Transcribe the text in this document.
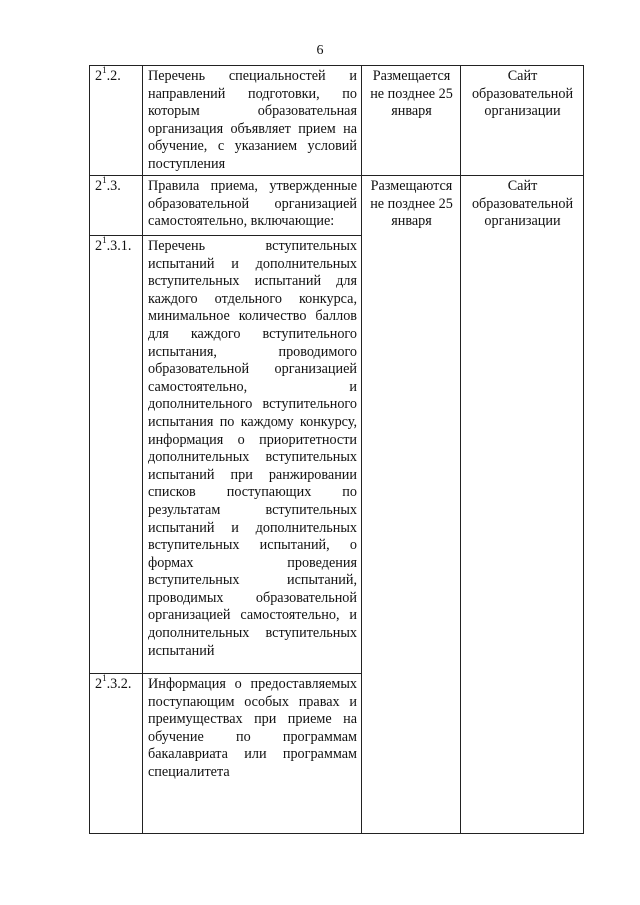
6
$2^1.2$.	Перечень специальностей и направлений подготовки, по которым образовательная организация объявляет прием на обучение, с указанием условий поступления	Размещается не позднее 25 января	Сайт образовательной организации
$2^1.3$.	Правила приема, утвержденные образовательной организацией самостоятельно, включающие:	Размещаются не позднее 25 января	Сайт образовательной организации
$2^1.3.1$.	Перечень вступительных испытаний и дополнительных вступительных испытаний для каждого отдельного конкурса, минимальное количество баллов для каждого вступительного испытания, проводимого образовательной организацией самостоятельно, и дополнительного вступительного испытания по каждому конкурсу, информация о приоритетности дополнительных вступительных испытаний при ранжировании списков поступающих по результатам вступительных испытаний и дополнительных вступительных испытаний, о формах проведения вступительных испытаний, проводимых образовательной организацией самостоятельно, и дополнительных вступительных испытаний		
$2^1.3.2$.	Информация о предоставляемых поступающим особых правах и преимуществах при приеме на обучение по программам бакалавриата или программам специалитета		
